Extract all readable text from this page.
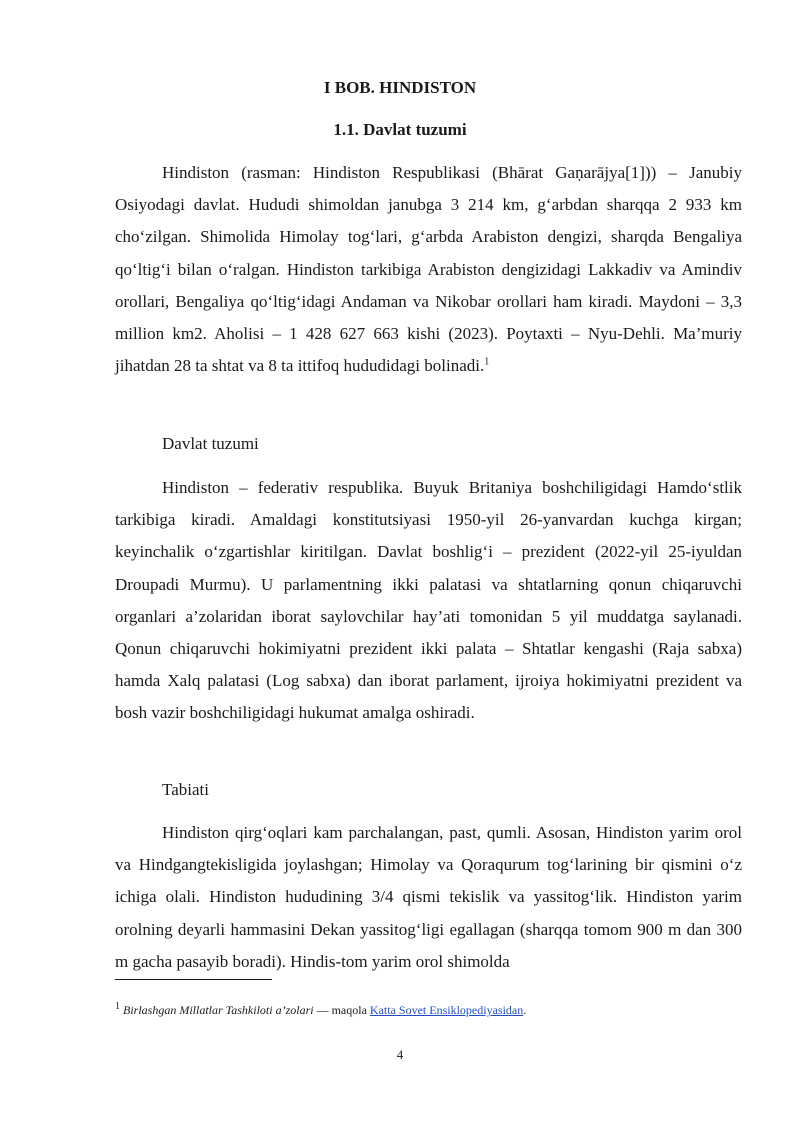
I BOB. HINDISTON
1.1. Davlat tuzumi

Hindiston (rasman: Hindiston Respublikasi (Bhārat Gaṇarājya[1])) – Janubiy Osiyodagi davlat. Hududi shimoldan janubga 3 214 km, g‘arbdan sharqqa 2 933 km cho‘zilgan. Shimolida Himolay tog‘lari, g‘arbda Arabiston dengizi, sharqda Bengaliya qo‘ltig‘i bilan o‘ralgan. Hindiston tarkibiga Arabiston dengizidagi Lakkadiv va Amindiv orollari, Bengaliya qo‘ltig‘idagi Andaman va Nikobar orollari ham kiradi. Maydoni – 3,3 million km2. Aholisi – 1 428 627 663 kishi (2023). Poytaxti – Nyu-Dehli. Ma’muriy jihatdan 28 ta shtat va 8 ta ittifoq hududidagi bolinadi.$^1$

Davlat tuzumi

Hindiston – federativ respublika. Buyuk Britaniya boshchiligidagi Hamdo‘stlik tarkibiga kiradi. Amaldagi konstitutsiyasi 1950-yil 26-yanvardan kuchga kirgan; keyinchalik o‘zgartishlar kiritilgan. Davlat boshlig‘i – prezident (2022-yil 25-iyuldan Droupadi Murmu). U parlamentning ikki palatasi va shtatlarning qonun chiqaruvchi organlari a’zolaridan iborat saylovchilar hay’ati tomonidan 5 yil muddatga saylanadi. Qonun chiqaruvchi hokimiyatni prezident ikki palata – Shtatlar kengashi (Raja sabxa) hamda Xalq palatasi (Log sabxa) dan iborat parlament, ijroiya hokimiyatni prezident va bosh vazir boshchiligidagi hukumat amalga oshiradi.

Tabiati

Hindiston qirg‘oqlari kam parchalangan, past, qumli. Asosan, Hindiston yarim orol va Hindgangtekisligida joylashgan; Himolay va Qoraqurum tog‘larining bir qismini o‘z ichiga olali. Hindiston hududining 3/4 qismi tekislik va yassitog‘lik. Hindiston yarim orolning deyarli hammasini Dekan yassitog‘ligi egallagan (sharqqa tomom 900 m dan 300 m gacha pasayib boradi). Hindis-tom yarim orol shimolda

$^1$ Birlashgan Millatlar Tashkiloti a’zolari — maqola Katta Sovet Ensiklopediyasidan.
4
